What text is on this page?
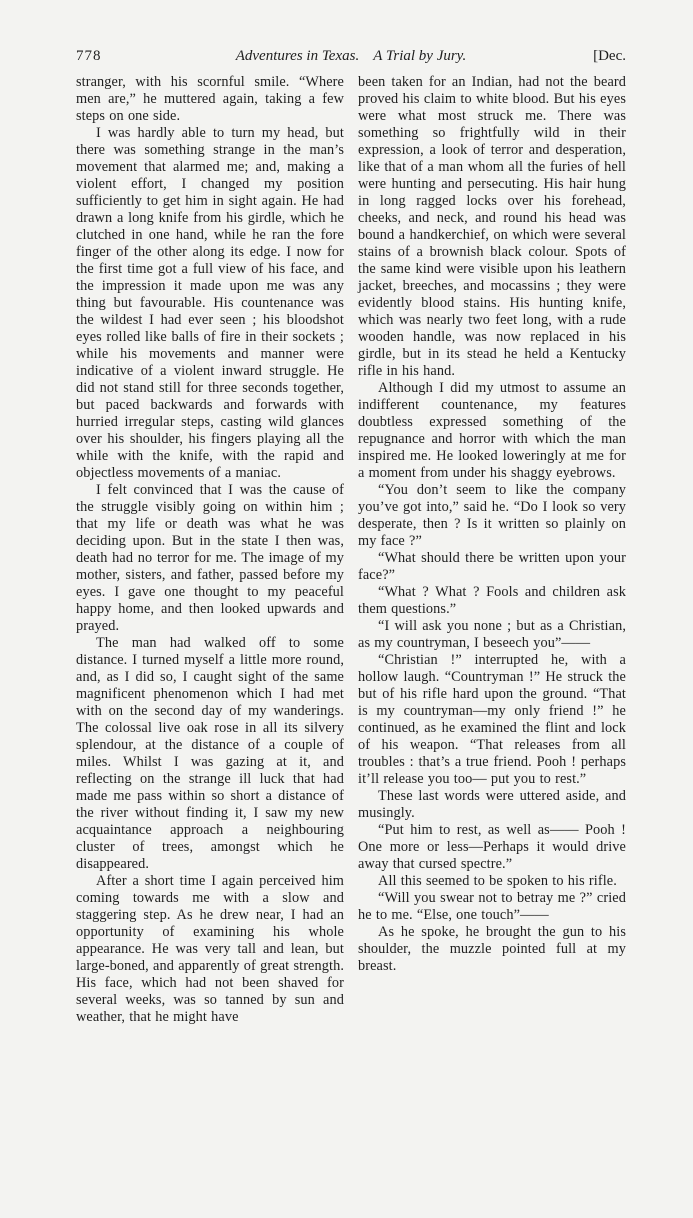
778	Adventures in Texas. A Trial by Jury.	[Dec.

stranger, with his scornful smile. “Where men are,” he muttered again, taking a few steps on one side.

I was hardly able to turn my head, but there was something strange in the man’s movement that alarmed me; and, making a violent effort, I changed my position sufficiently to get him in sight again. He had drawn a long knife from his girdle, which he clutched in one hand, while he ran the fore finger of the other along its edge. I now for the first time got a full view of his face, and the impression it made upon me was any thing but favourable. His countenance was the wildest I had ever seen ; his bloodshot eyes rolled like balls of fire in their sockets ; while his movements and manner were indicative of a violent inward struggle. He did not stand still for three seconds together, but paced backwards and forwards with hurried irregular steps, casting wild glances over his shoulder, his fingers playing all the while with the knife, with the rapid and objectless movements of a maniac.

I felt convinced that I was the cause of the struggle visibly going on within him ; that my life or death was what he was deciding upon. But in the state I then was, death had no terror for me. The image of my mother, sisters, and father, passed before my eyes. I gave one thought to my peaceful happy home, and then looked upwards and prayed.

The man had walked off to some distance. I turned myself a little more round, and, as I did so, I caught sight of the same magnificent phenomenon which I had met with on the second day of my wanderings. The colossal live oak rose in all its silvery splendour, at the distance of a couple of miles. Whilst I was gazing at it, and reflecting on the strange ill luck that had made me pass within so short a distance of the river without finding it, I saw my new acquaintance approach a neighbouring cluster of trees, amongst which he disappeared.

After a short time I again perceived him coming towards me with a slow and staggering step. As he drew near, I had an opportunity of examining his whole appearance. He was very tall and lean, but large-boned, and apparently of great strength. His face, which had not been shaved for several weeks, was so tanned by sun and weather, that he might have

been taken for an Indian, had not the beard proved his claim to white blood. But his eyes were what most struck me. There was something so frightfully wild in their expression, a look of terror and desperation, like that of a man whom all the furies of hell were hunting and persecuting. His hair hung in long ragged locks over his forehead, cheeks, and neck, and round his head was bound a handkerchief, on which were several stains of a brownish black colour. Spots of the same kind were visible upon his leathern jacket, breeches, and mocassins ; they were evidently blood stains. His hunting knife, which was nearly two feet long, with a rude wooden handle, was now replaced in his girdle, but in its stead he held a Kentucky rifle in his hand.

Although I did my utmost to assume an indifferent countenance, my features doubtless expressed something of the repugnance and horror with which the man inspired me. He looked loweringly at me for a moment from under his shaggy eyebrows.

“You don’t seem to like the company you’ve got into,” said he. “Do I look so very desperate, then ? Is it written so plainly on my face ?”

“What should there be written upon your face?”

“What ? What ? Fools and children ask them questions.”

“I will ask you none ; but as a Christian, as my countryman, I beseech you”——

“Christian !” interrupted he, with a hollow laugh. “Countryman !” He struck the but of his rifle hard upon the ground. “That is my countryman—my only friend !” he continued, as he examined the flint and lock of his weapon. “That releases from all troubles : that’s a true friend. Pooh ! perhaps it’ll release you too— put you to rest.”

These last words were uttered aside, and musingly.

“Put him to rest, as well as—— Pooh ! One more or less—Perhaps it would drive away that cursed spectre.”

All this seemed to be spoken to his rifle.

“Will you swear not to betray me ?” cried he to me. “Else, one touch”——

As he spoke, he brought the gun to his shoulder, the muzzle pointed full at my breast.
